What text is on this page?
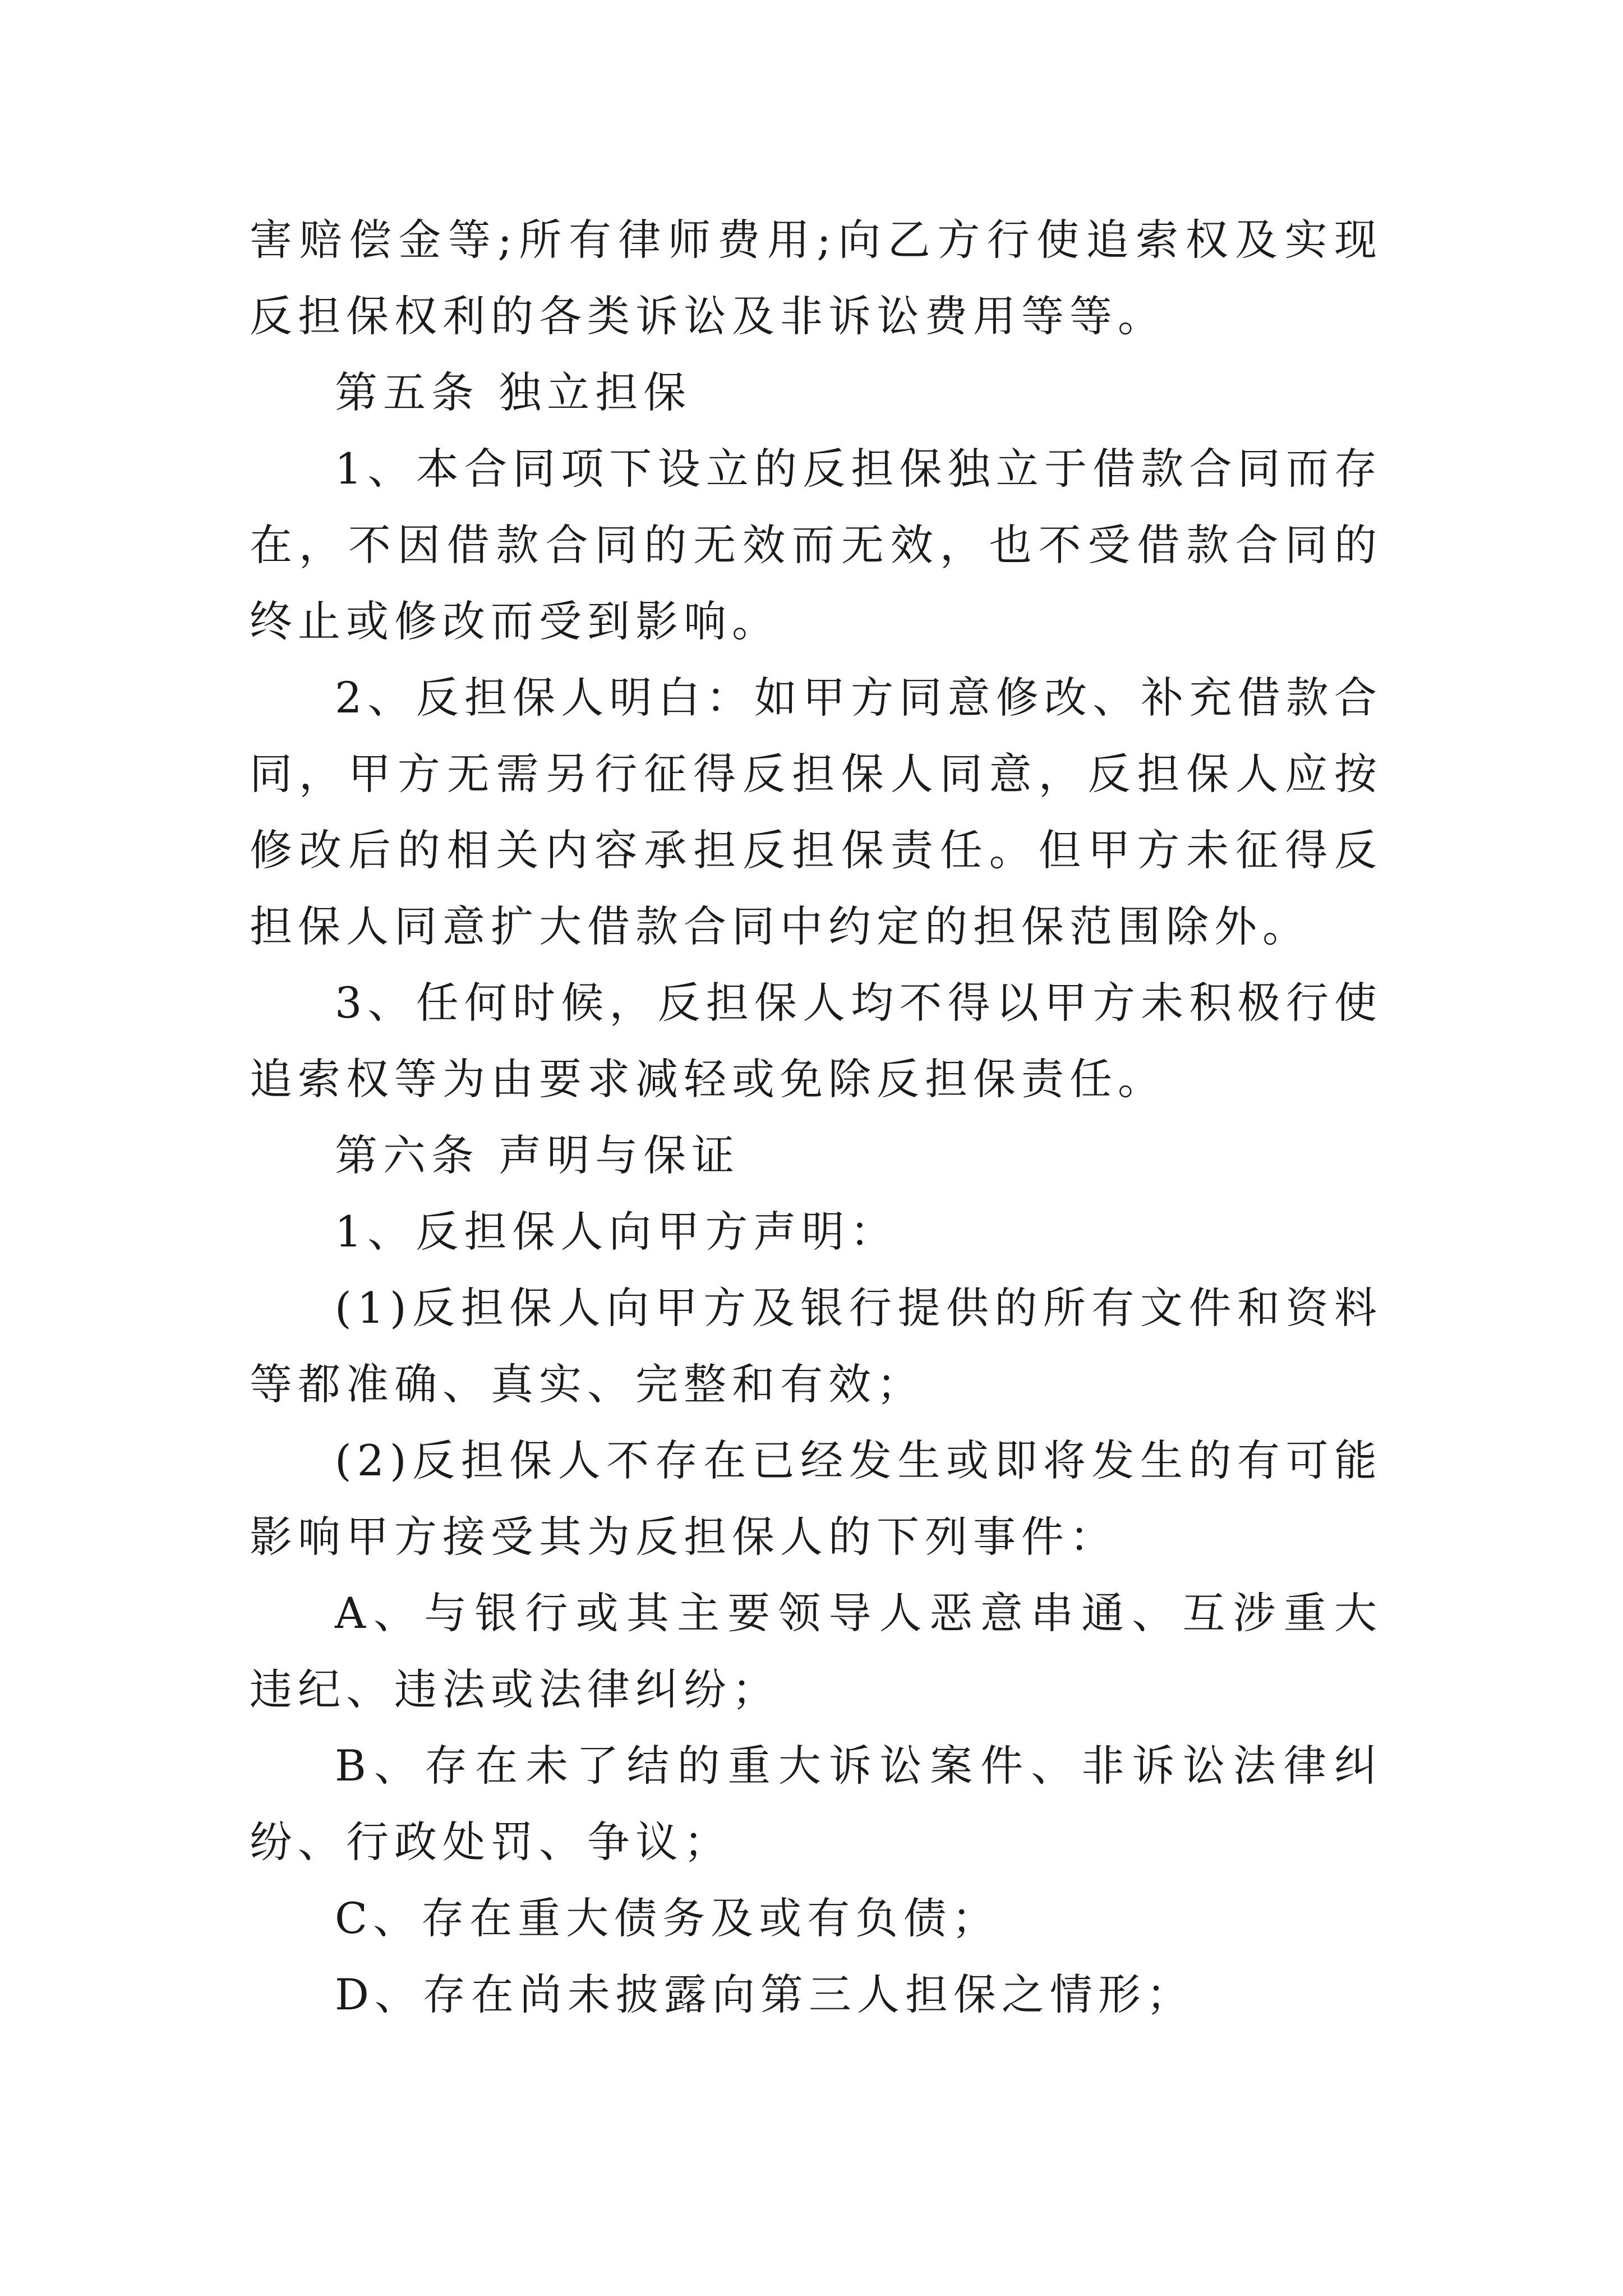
害赔偿金等;所有律师费用;向乙方行使追索权及实现反担保权利的各类诉讼及非诉讼费用等等。

第五条 独立担保

1、本合同项下设立的反担保独立于借款合同而存在，不因借款合同的无效而无效，也不受借款合同的终止或修改而受到影响。

2、反担保人明白：如甲方同意修改、补充借款合同，甲方无需另行征得反担保人同意，反担保人应按修改后的相关内容承担反担保责任。但甲方未征得反担保人同意扩大借款合同中约定的担保范围除外。

3、任何时候，反担保人均不得以甲方未积极行使追索权等为由要求减轻或免除反担保责任。

第六条 声明与保证

1、反担保人向甲方声明：

(1)反担保人向甲方及银行提供的所有文件和资料等都准确、真实、完整和有效；

(2)反担保人不存在已经发生或即将发生的有可能影响甲方接受其为反担保人的下列事件：

A、与银行或其主要领导人恶意串通、互涉重大违纪、违法或法律纠纷；

B、存在未了结的重大诉讼案件、非诉讼法律纠纷、行政处罚、争议；

C、存在重大债务及或有负债；

D、存在尚未披露向第三人担保之情形；
